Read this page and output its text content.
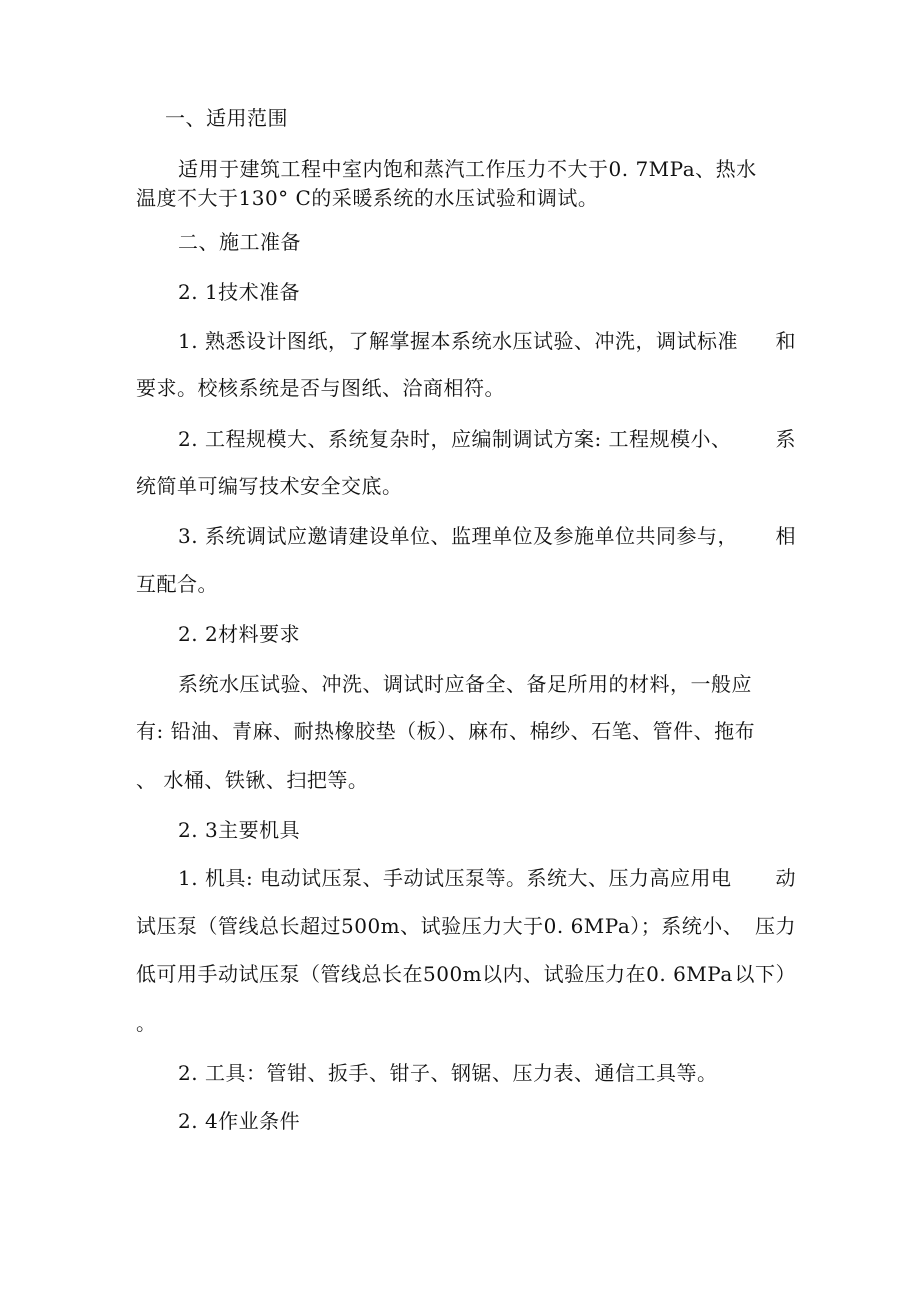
一、适用范围
适用于建筑工程中室内饱和蒸汽工作压力不大于0. 7MPa、热水
温度不大于130° C的采暖系统的水压试验和调试。
二、施工准备
2. 1技术准备
1. 熟悉设计图纸，了解掌握本系统水压试验、冲洗，调试标准 和
要求。校核系统是否与图纸、洽商相符。
2. 工程规模大、系统复杂时，应编制调试方案: 工程规模小、 系
统简单可编写技术安全交底。
3. 系统调试应邀请建设单位、监理单位及参施单位共同参与， 相
互配合。
2. 2材料要求
系统水压试验、冲洗、调试时应备全、备足所用的材料，一般应
有: 铅油、青麻、耐热橡胶垫（板）、麻布、棉纱、石笔、管件、拖布
、 水桶、铁锹、扫把等。
2. 3主要机具
1. 机具: 电动试压泵、手动试压泵等。系统大、压力高应用电 动
试压泵（管线总长超过500m、试验压力大于0. 6MPa）；系统小、 压力
低可用手动试压泵（管线总长在500m以内、试验压力在0. 6MPa 以下）
。
2. 工具：管钳、扳手、钳子、钢锯、压力表、通信工具等。
2. 4作业条件
